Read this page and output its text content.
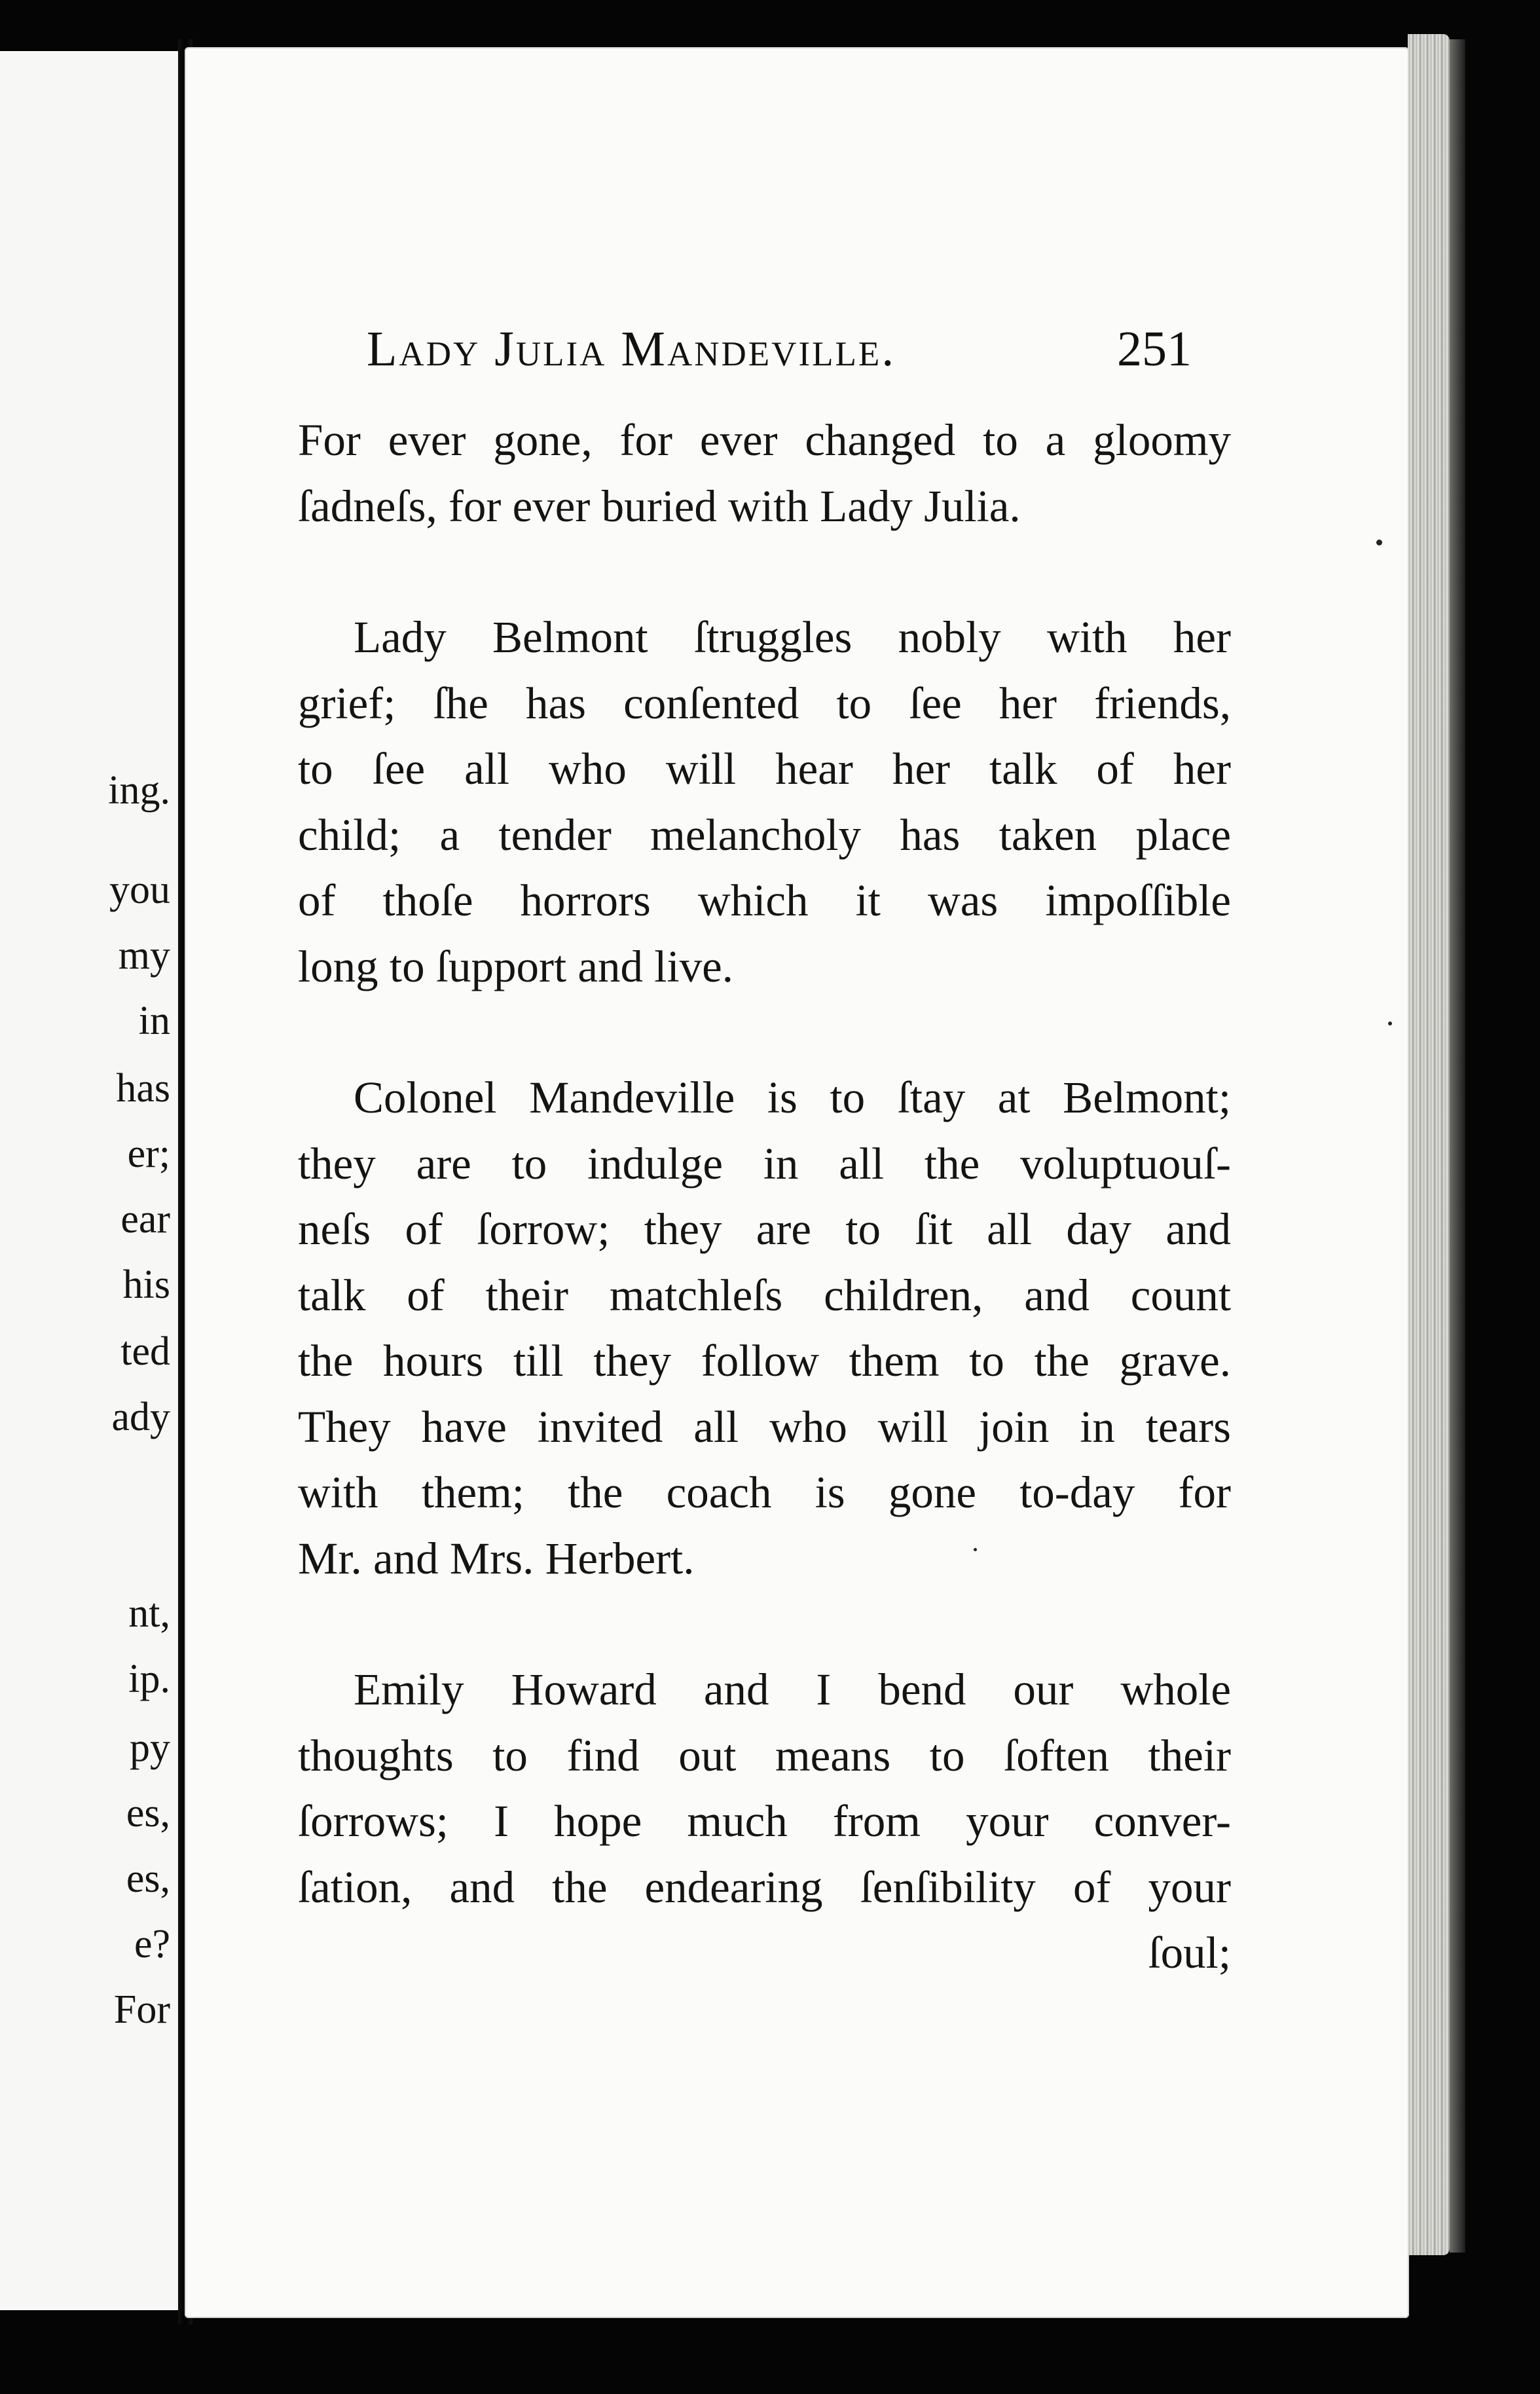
ing.
you
my
in
has
er;
ear
his
ted
ady
nt,
ip.
py
es,
es,
e?
For
Lady Julia Mandeville.	251
For ever gone, for ever changed to a gloomy
ſadneſs, for ever buried with Lady Julia.
Lady Belmont ſtruggles nobly with her
grief; ſhe has conſented to ſee her friends,
to ſee all who will hear her talk of her
child; a tender melancholy has taken place
of thoſe horrors which it was impoſſible
long to ſupport and live.
Colonel Mandeville is to ſtay at Belmont;
they are to indulge in all the voluptuouſ-
neſs of ſorrow; they are to ſit all day and
talk of their matchleſs children, and count
the hours till they follow them to the grave.
They have invited all who will join in tears
with them; the coach is gone to-day for
Mr. and Mrs. Herbert.
Emily Howard and I bend our whole
thoughts to find out means to ſoften their
ſorrows; I hope much from your conver-
ſation, and the endearing ſenſibility of your
ſoul;
